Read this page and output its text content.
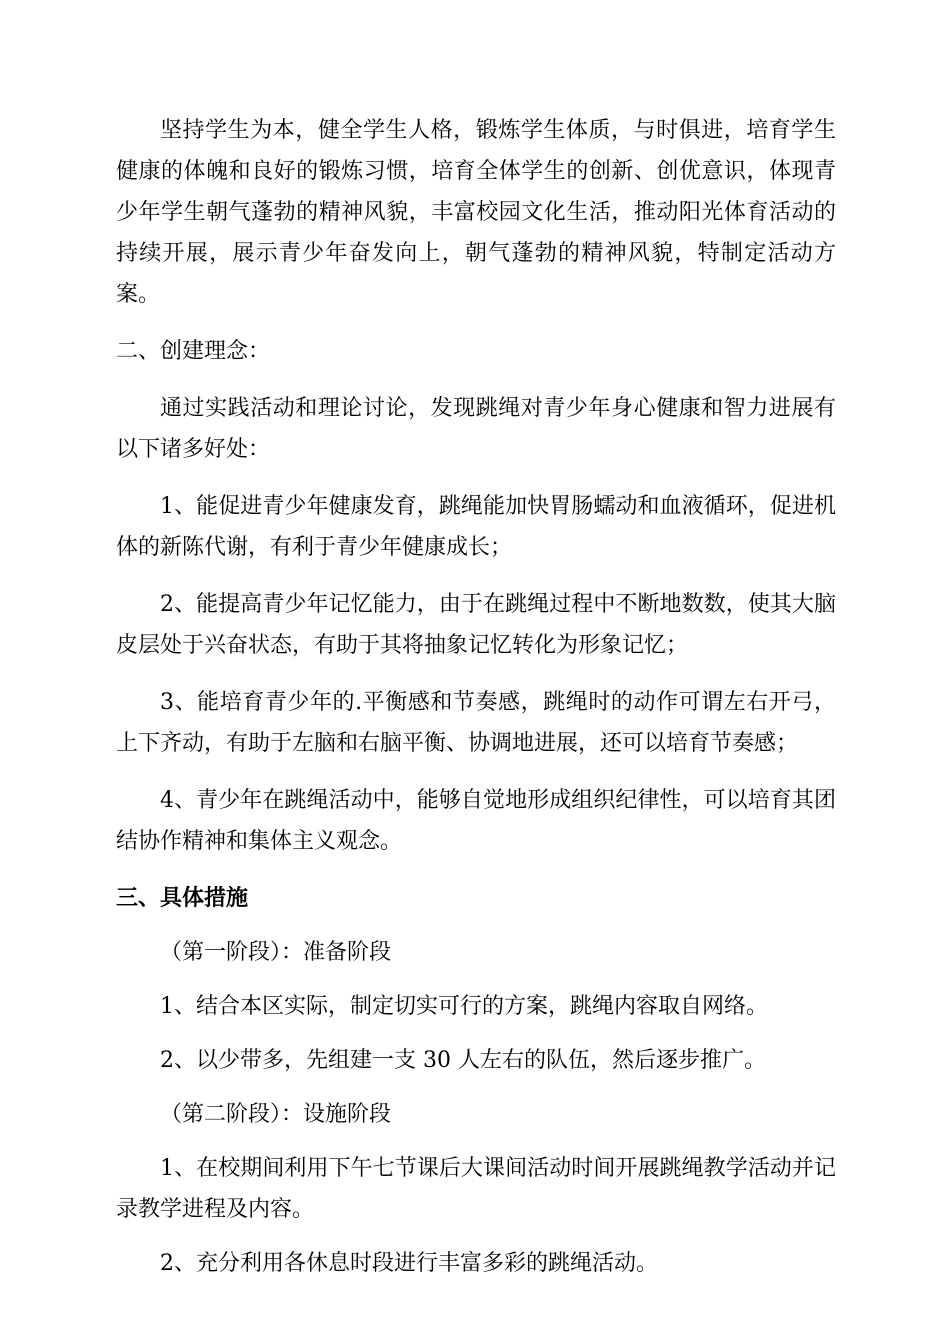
坚持学生为本，健全学生人格，锻炼学生体质，与时俱进，培育学生健康的体魄和良好的锻炼习惯，培育全体学生的创新、创优意识，体现青少年学生朝气蓬勃的精神风貌，丰富校园文化生活，推动阳光体育活动的持续开展，展示青少年奋发向上，朝气蓬勃的精神风貌，特制定活动方案。

二、创建理念：

通过实践活动和理论讨论，发现跳绳对青少年身心健康和智力进展有以下诸多好处：

1、能促进青少年健康发育，跳绳能加快胃肠蠕动和血液循环，促进机体的新陈代谢，有利于青少年健康成长；

2、能提高青少年记忆能力，由于在跳绳过程中不断地数数，使其大脑皮层处于兴奋状态，有助于其将抽象记忆转化为形象记忆；

3、能培育青少年的.平衡感和节奏感，跳绳时的动作可谓左右开弓，上下齐动，有助于左脑和右脑平衡、协调地进展，还可以培育节奏感；

4、青少年在跳绳活动中，能够自觉地形成组织纪律性，可以培育其团结协作精神和集体主义观念。

三、具体措施

（第一阶段）：准备阶段

1、结合本区实际，制定切实可行的方案，跳绳内容取自网络。

2、以少带多，先组建一支 30 人左右的队伍，然后逐步推广。

（第二阶段）：设施阶段

1、在校期间利用下午七节课后大课间活动时间开展跳绳教学活动并记录教学进程及内容。

2、充分利用各休息时段进行丰富多彩的跳绳活动。
